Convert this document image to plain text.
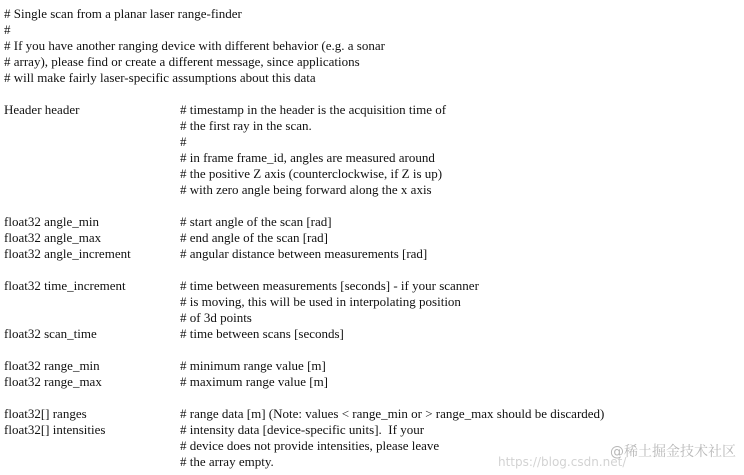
# Single scan from a planar laser range-finder
#
# If you have another ranging device with different behavior (e.g. a sonar
# array), please find or create a different message, since applications
# will make fairly laser-specific assumptions about this data
Header header	# timestamp in the header is the acquisition time of
# the first ray in the scan.
#
# in frame frame_id, angles are measured around
# the positive Z axis (counterclockwise, if Z is up)
# with zero angle being forward along the x axis
float32 angle_min	# start angle of the scan [rad]
float32 angle_max	# end angle of the scan [rad]
float32 angle_increment	# angular distance between measurements [rad]
float32 time_increment	# time between measurements [seconds] - if your scanner
# is moving, this will be used in interpolating position
# of 3d points
float32 scan_time	# time between scans [seconds]
float32 range_min	# minimum range value [m]
float32 range_max	# maximum range value [m]
float32[] ranges	# range data [m] (Note: values < range_min or > range_max should be discarded)
float32[] intensities	# intensity data [device-specific units].  If your
# device does not provide intensities, please leave
# the array empty.	https://blog.csdn.net/
@稀土掘金技术社区
